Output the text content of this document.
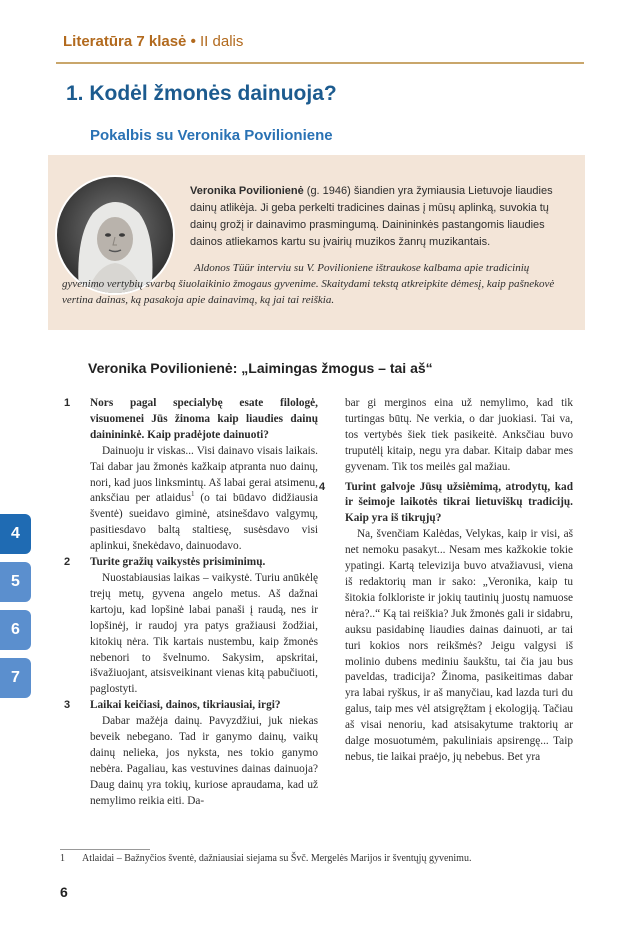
Literatūra 7 klasė • II dalis
1. Kodėl žmonės dainuoja?
Pokalbis su Veronika Povilioniene
Veronika Povilionienė (g. 1946) šiandien yra žymiausia Lietuvoje liaudies dainų atlikėja. Ji geba perkelti tradicines dainas į mūsų aplinką, suvokia tų dainų grožį ir dainavimo prasmingumą. Dainininkės pastangomis liaudies dainos atliekamos kartu su įvairių muzikos žanrų muzikantais.
Aldonos Tüür interviu su V. Povilioniene ištraukose kalbama apie tradicinių gyvenimo vertybių svarbą šiuolaikinio žmogaus gyvenime. Skaitydami tekstą atkreipkite dėmesį, kaip pašnekovė vertina dainas, ką pasakoja apie dainavimą, ką jai tai reiškia.
Veronika Povilionienė: „Laimingas žmogus – tai aš“

1 Nors pagal specialybę esate filologė, visuomenei Jūs žinoma kaip liaudies dainų dainininkė. Kaip pradėjote dainuoti?

Dainuoju ir viskas... Visi dainavo visais laikais. Tai dabar jau žmonės kažkaip atpranta nuo dainų, nori, kad juos linksmintų. Aš labai gerai atsimenu, anksčiau per atlaidus$^1$ (o tai būdavo didžiausia šventė) sueidavo giminė, atsinešdavo valgymų, pasitiesdavo baltą staltiesę, susėsdavo visi aplinkui, šnekėdavo, dainuodavo.

2 Turite gražių vaikystės prisiminimų.

Nuostabiausias laikas – vaikystė. Turiu anūkėlę trejų metų, gyvena angelo metus. Aš dažnai kartoju, kad lopšinė labai panaši į raudą, nes ir lopšinėj, ir raudoj yra patys gražiausi žodžiai, kitokių nėra. Tik kartais nustembu, kaip žmonės nebenori to švelnumo. Sakysim, apskritai, išvažiuojant, atsisveikinant vienas kitą pabučiuoti, paglostyti.

3 Laikai keičiasi, dainos, tikriausiai, irgi?

Dabar mažėja dainų. Pavyzdžiui, juk niekas beveik nebegano. Tad ir ganymo dainų, vaikų dainų nelieka, jos nyksta, nes tokio ganymo nebėra. Pagaliau, kas vestuvines dainas dainuoja? Daug dainų yra tokių, kuriose apraudama, kad už nemylimo reikia eiti. Da-

bar gi merginos eina už nemylimo, kad tik turtingas būtų. Ne verkia, o dar juokiasi. Tai va, tos vertybės šiek tiek pasikeitė. Anksčiau buvo truputėlį kitaip, negu yra dabar. Kitaip dabar mes gyvenam. Tik tos meilės gal mažiau.

4 Turint galvoje Jūsų užsiėmimą, atrodytų, kad ir šeimoje laikotės tikrai lietuviškų tradicijų. Kaip yra iš tikrųjų?

Na, švenčiam Kalėdas, Velykas, kaip ir visi, aš net nemoku pasakyt... Nesam mes kažkokie tokie ypatingi. Kartą televizija buvo atvažiavusi, viena iš redaktorių man ir sako: „Veronika, kaip tu šitokia folkloriste ir jokių tautinių juostų namuose nėra?..“ Ką tai reiškia? Juk žmonės gali ir sidabru, auksu pasidabinę liaudies dainas dainuoti, ar tai turi kokios nors reikšmės? Jeigu valgysi iš molinio dubens mediniu šaukštu, tai čia jau bus paveldas, tradicija? Žinoma, pasikeitimas dabar yra labai ryškus, ir aš manyčiau, kad lazda turi du galus, taip mes vėl atsigręžtam į ekologiją. Tačiau aš visai nenoriu, kad atsisakytume traktorių ar dalge mosuotumėm, pakuliniais apsirengę... Taip nebus, tie laikai praėjo, jų nebebus. Bet yra

4
5
6
7
1 Atlaidai – Bažnyčios šventė, dažniausiai siejama su Švč. Mergelės Marijos ir šventųjų gyvenimu.
6
